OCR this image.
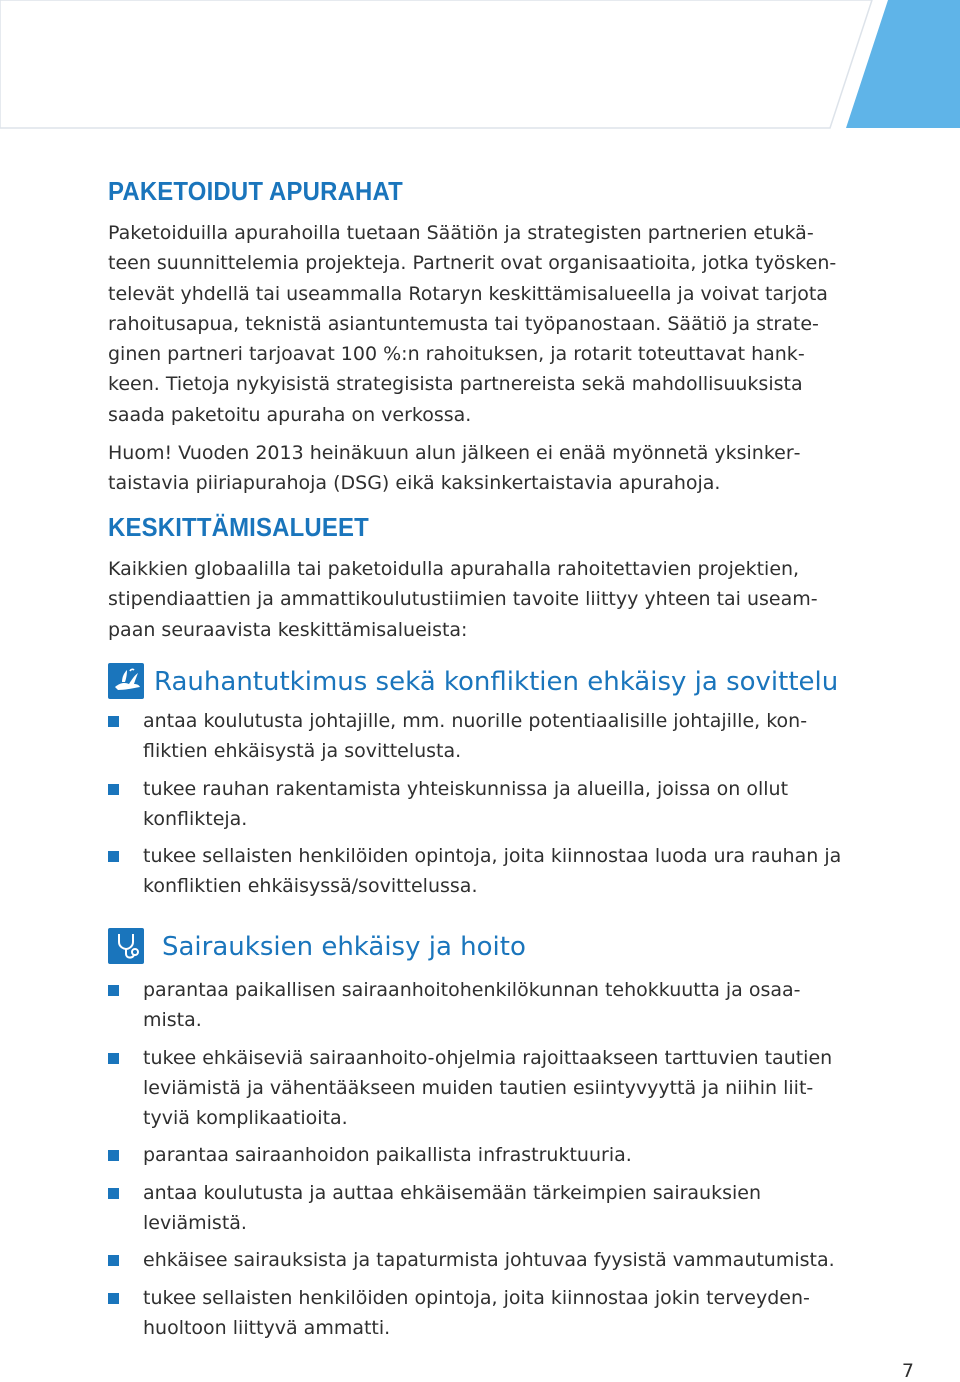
PAKETOIDUT APURAHAT

Paketoiduilla apurahoilla tuetaan Säätiön ja strategisten partnerien etukäteen suunnittelemia projekteja. Partnerit ovat organisaatioita, jotka työskentelevät yhdellä tai useammalla Rotaryn keskittämisalueella ja voivat tarjota rahoitusapua, teknistä asiantuntemusta tai työpanostaan. Säätiö ja strateginen partneri tarjoavat 100 %:n rahoituksen, ja rotarit toteuttavat hankkeen. Tietoja nykyisistä strategisista partnereista sekä mahdollisuuksista saada paketoitu apuraha on verkossa.

Huom! Vuoden 2013 heinäkuun alun jälkeen ei enää myönnetä yksinkertaistavia piiriapurahoja (DSG) eikä kaksinkertaistavia apurahoja.

KESKITTÄMISALUEET

Kaikkien globaalilla tai paketoidulla apurahalla rahoitettavien projektien, stipendiaattien ja ammattikoulutustiimien tavoite liittyy yhteen tai useampaan seuraavista keskittämisalueista:

Rauhantutkimus sekä konfliktien ehkäisy ja sovittelu
antaa koulutusta johtajille, mm. nuorille potentiaalisille johtajille, konfliktien ehkäisystä ja sovittelusta.
tukee rauhan rakentamista yhteiskunnissa ja alueilla, joissa on ollut konflikteja.
tukee sellaisten henkilöiden opintoja, joita kiinnostaa luoda ura rauhan ja konfliktien ehkäisyssä/sovittelussa.
Sairauksien ehkäisy ja hoito
parantaa paikallisen sairaanhoitohenkilökunnan tehokkuutta ja osaamista.
tukee ehkäiseviä sairaanhoito-ohjelmia rajoittaakseen tarttuvien tautien leviämistä ja vähentääkseen muiden tautien esiintyvyyttä ja niihin liittyviä komplikaatioita.
parantaa sairaanhoidon paikallista infrastruktuuria.
antaa koulutusta ja auttaa ehkäisemään tärkeimpien sairauksien leviämistä.
ehkäisee sairauksista ja tapaturmista johtuvaa fyysistä vammautumista.
tukee sellaisten henkilöiden opintoja, joita kiinnostaa jokin terveydenhuoltoon liittyvä ammatti.
7
